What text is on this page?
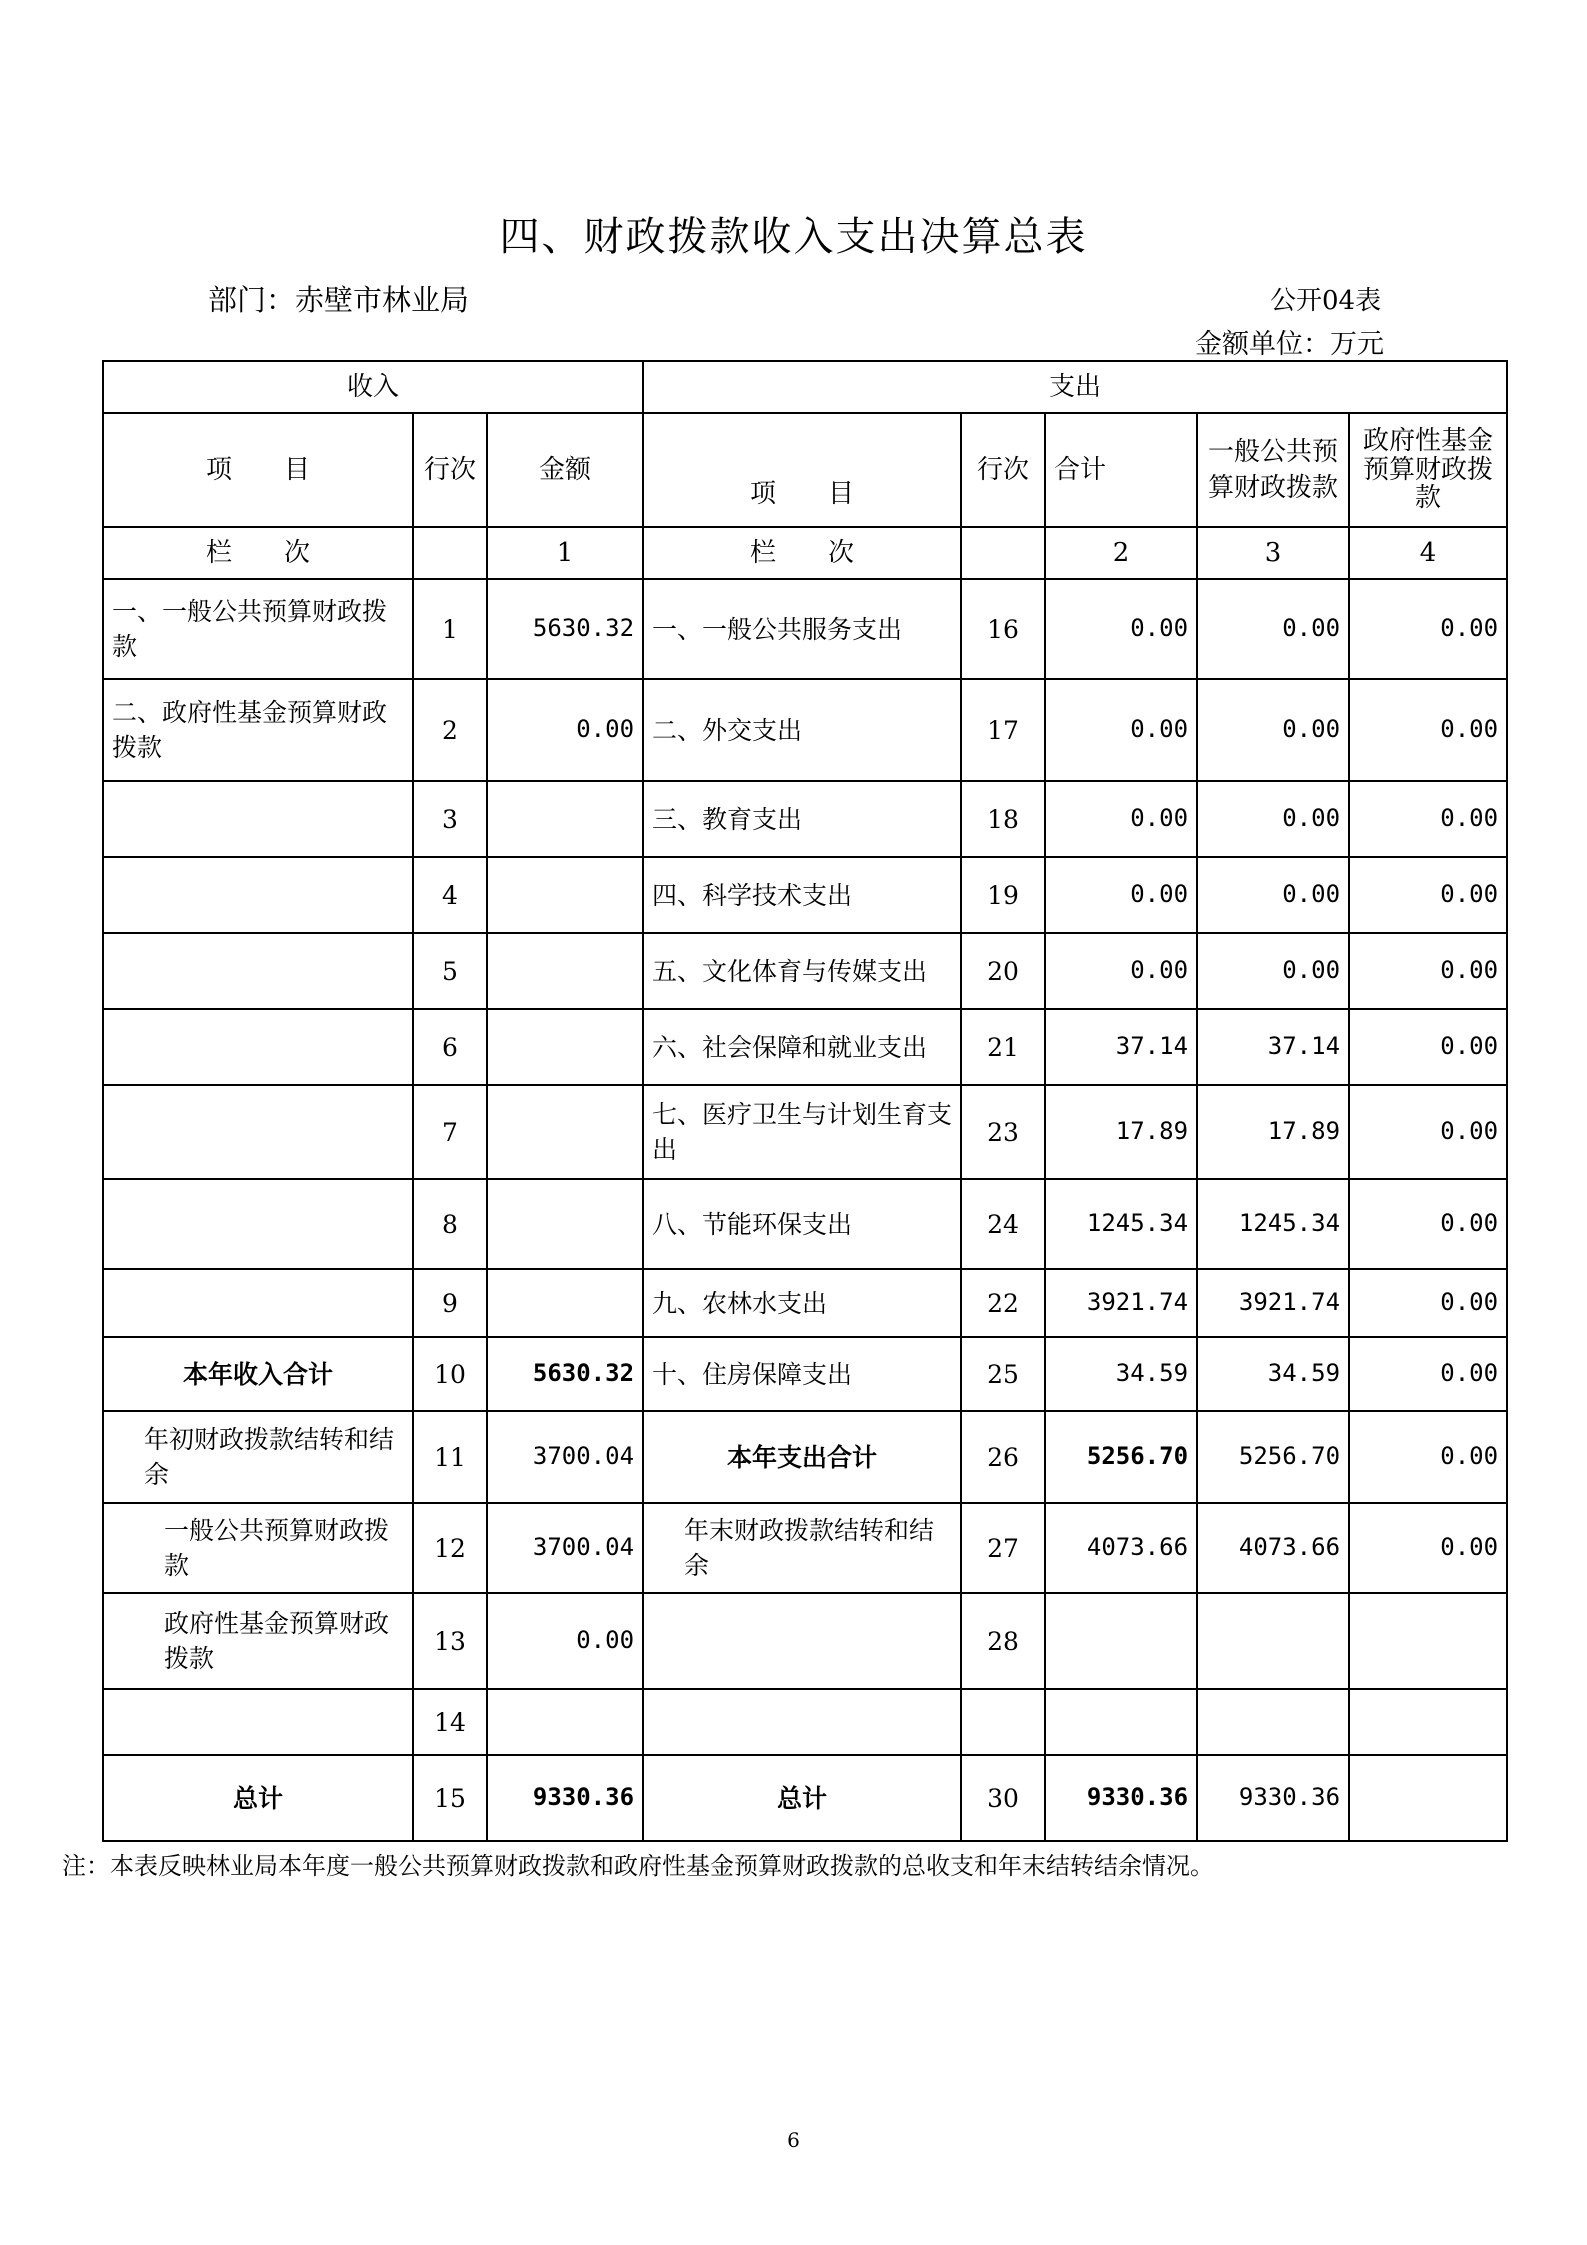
四、财政拨款收入支出决算总表
部门：赤壁市林业局	公开04表
金额单位：万元
收入			支出				
项　　目	行次	金额	项　　目	行次	合计	一般公共预算财政拨款	政府性基金预算财政拨款
栏　　次		1	栏　　次		2	3	4
一、一般公共预算财政拨款	1	5630.32	一、一般公共服务支出	16	0.00	0.00	0.00
二、政府性基金预算财政拨款	2	0.00	二、外交支出	17	0.00	0.00	0.00
	3		三、教育支出	18	0.00	0.00	0.00
	4		四、科学技术支出	19	0.00	0.00	0.00
	5		五、文化体育与传媒支出	20	0.00	0.00	0.00
	6		六、社会保障和就业支出	21	37.14	37.14	0.00
	7		七、医疗卫生与计划生育支出	23	17.89	17.89	0.00
	8		八、节能环保支出	24	1245.34	1245.34	0.00
	9		九、农林水支出	22	3921.74	3921.74	0.00
本年收入合计	10	5630.32	十、住房保障支出	25	34.59	34.59	0.00
年初财政拨款结转和结余	11	3700.04	本年支出合计	26	5256.70	5256.70	0.00
一般公共预算财政拨款	12	3700.04	年末财政拨款结转和结余	27	4073.66	4073.66	0.00
政府性基金预算财政拨款	13	0.00		28			
	14						
总计	15	9330.36	总计	30	9330.36	9330.36	
注：本表反映林业局本年度一般公共预算财政拨款和政府性基金预算财政拨款的总收支和年末结转结余情况。
6
